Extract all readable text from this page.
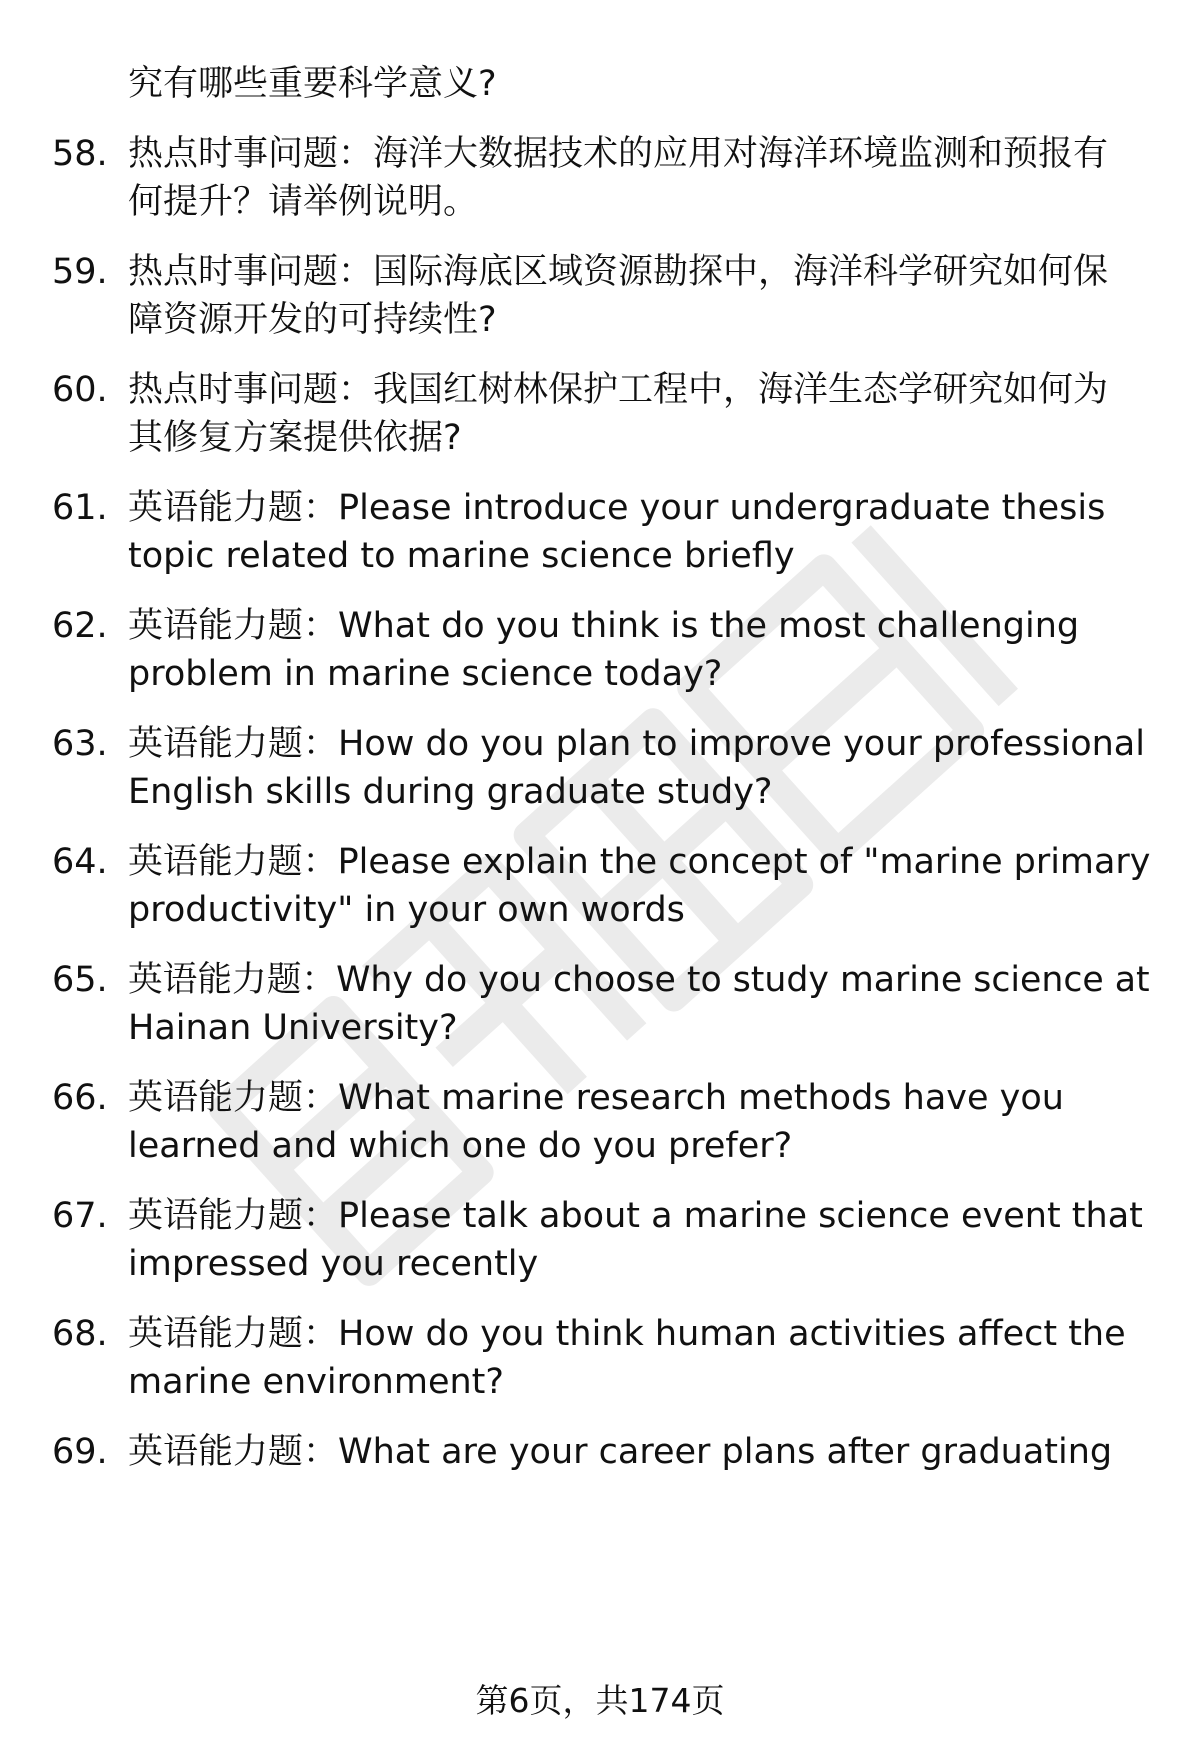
究有哪些重要科学意义?
58. 热点时事问题：海洋大数据技术的应用对海洋环境监测和预报有
何提升？请举例说明。
59. 热点时事问题：国际海底区域资源勘探中，海洋科学研究如何保
障资源开发的可持续性?
60. 热点时事问题：我国红树林保护工程中，海洋生态学研究如何为
其修复方案提供依据?
61. 英语能力题：Please introduce your undergraduate thesis
topic related to marine science briefly
62. 英语能力题：What do you think is the most challenging
problem in marine science today?
63. 英语能力题：How do you plan to improve your professional
English skills during graduate study?
64. 英语能力题：Please explain the concept of "marine primary
productivity" in your own words
65. 英语能力题：Why do you choose to study marine science at
Hainan University?
66. 英语能力题：What marine research methods have you
learned and which one do you prefer?
67. 英语能力题：Please talk about a marine science event that
impressed you recently
68. 英语能力题：How do you think human activities affect the
marine environment?
69. 英语能力题：What are your career plans after graduating
第6页，共174页
